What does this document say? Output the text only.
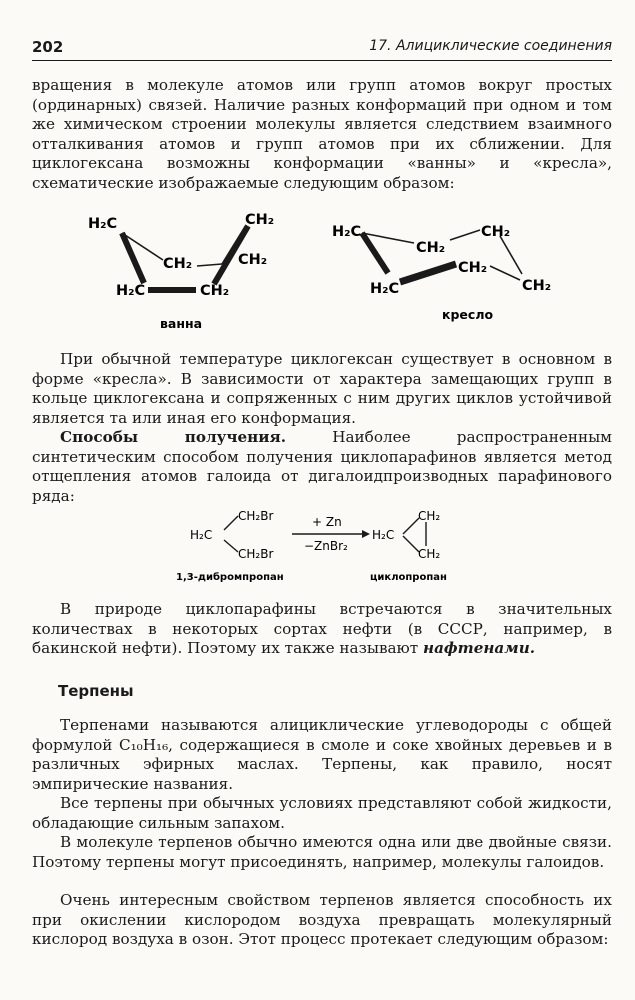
202	17. Алициклические соединения

вращения в молекуле атомов или групп атомов вокруг простых (ординарных) связей. Наличие разных конформаций при одном и том же химическом строении молекулы является следствием взаимного отталкивания атомов и групп атомов при их сближении. Для циклогексана возможны конформации «ванны» и «кресла», схематические изображаемые следующим образом:

H₂C	CH₂
CH₂	CH₂
H₂C	CH₂
ванна
H₂C
CH₂
CH₂
CH₂
H₂C	CH₂
кресло

При обычной температуре циклогексан существует в основном в форме «кресла». В зависимости от характера замещающих групп в кольце циклогексана и сопряженных с ним других циклов устойчивой является та или иная его конформация.

Способы получения. Наиболее распространенным синтетическим способом получения циклопарафинов является метод отщепления атомов галоида от дигалоидпроизводных парафинового ряда:

H₂C
CH₂Br
CH₂Br
+ Zn
−ZnBr₂
H₂C
CH₂
CH₂
1,3-дибромпропан	циклопропан

В природе циклопарафины встречаются в значительных количествах в некоторых сортах нефти (в СССР, например, в бакинской нефти). Поэтому их также называют нафтенами.

Терпены

Терпенами называются алициклические углеводороды с общей формулой C₁₀H₁₆, содержащиеся в смоле и соке хвойных деревьев и в различных эфирных маслах. Терпены, как правило, носят эмпирические названия.

Все терпены при обычных условиях представляют собой жидкости, обладающие сильным запахом.

В молекуле терпенов обычно имеются одна или две двойные связи. Поэтому терпены могут присоединять, например, молекулы галоидов.

Очень интересным свойством терпенов является способность их при окислении кислородом воздуха превращать молекулярный кислород воздуха в озон. Этот процесс протекает следующим образом:
